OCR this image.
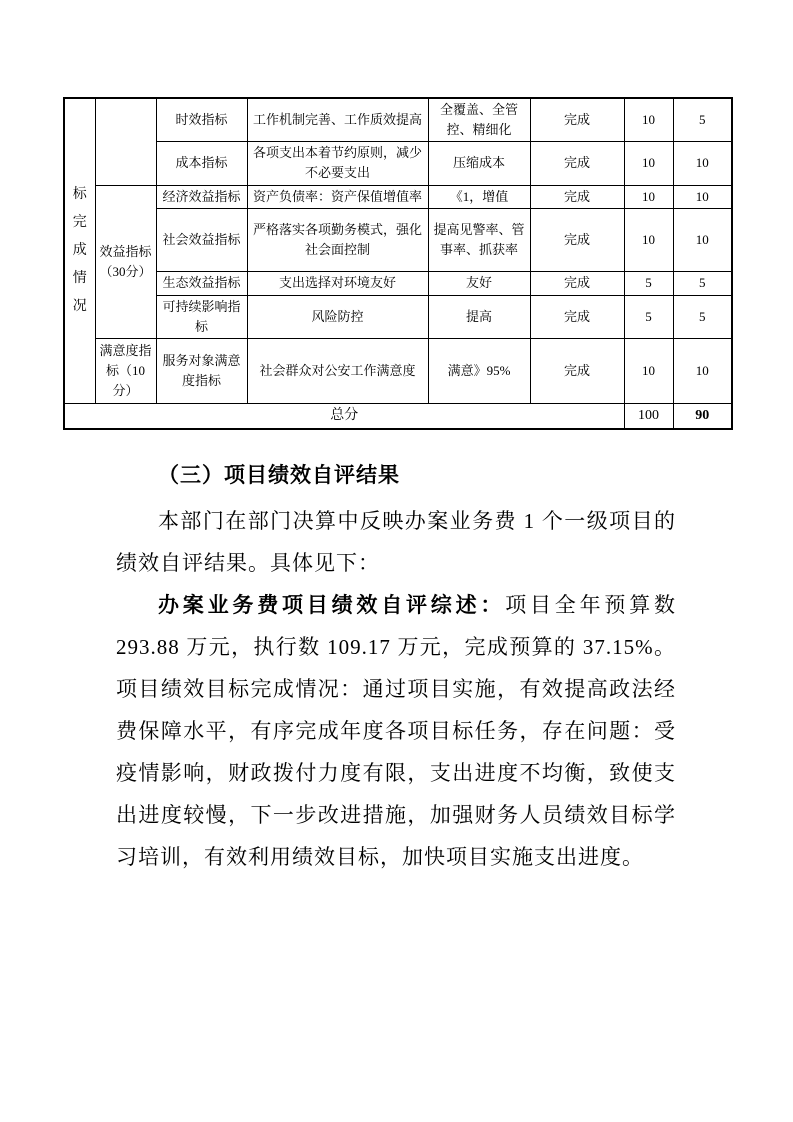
标完成情况		时效指标	工作机制完善、工作质效提高	全覆盖、全管控、精细化	完成	10	5
		成本指标	各项支出本着节约原则，减少不必要支出	压缩成本	完成	10	10
	效益指标（30分）	经济效益指标	资产负债率：资产保值增值率	《1，增值	完成	10	10
		社会效益指标	严格落实各项勤务模式，强化社会面控制	提高见警率、管事率、抓获率	完成	10	10
		生态效益指标	支出选择对环境友好	友好	完成	5	5
		可持续影响指标	风险防控	提高	完成	5	5
	满意度指标（10分）	服务对象满意度指标	社会群众对公安工作满意度	满意》95%	完成	10	10
总分						100	90
（三）项目绩效自评结果

本部门在部门决算中反映办案业务费 1 个一级项目的绩效自评结果。具体见下：

办案业务费项目绩效自评综述：项目全年预算数 293.88 万元，执行数 109.17 万元，完成预算的 37.15%。项目绩效目标完成情况：通过项目实施，有效提高政法经费保障水平，有序完成年度各项目标任务，存在问题：受疫情影响，财政拨付力度有限，支出进度不均衡，致使支出进度较慢，下一步改进措施，加强财务人员绩效目标学习培训，有效利用绩效目标，加快项目实施支出进度。
